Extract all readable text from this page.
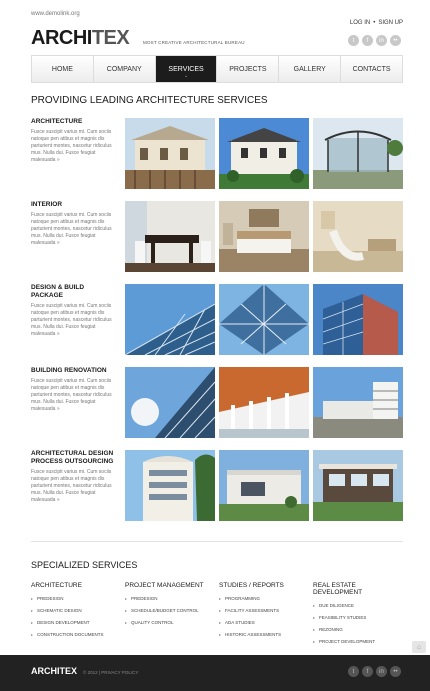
www.demolink.org
ARCHITEX	MOST CREATIVE ARCHITECTURAL BUREAU
LOG IN • SIGN UP
t	f	in	••
HOME	COMPANY	SERVICES
⌄
PROJECTS	GALLERY	CONTACTS
PROVIDING LEADING ARCHITECTURE SERVICES
ARCHITECTURE

Fusce suscipit varius mi. Cum sociis natoque pen atibus et magnis dis parturient montes, nascetur ridiculus mus. Nulla dui. Fusce feugiat malesuada »

INTERIOR

Fusce suscipit varius mi. Cum sociis natoque pen atibus et magnis dis parturient montes, nascetur ridiculus mus. Nulla dui. Fusce feugiat malesuada »

DESIGN & BUILD PACKAGE

Fusce suscipit varius mi. Cum sociis natoque pen atibus et magnis dis parturient montes, nascetur ridiculus mus. Nulla dui. Fusce feugiat malesuada »

BUILDING RENOVATION

Fusce suscipit varius mi. Cum sociis natoque pen atibus et magnis dis parturient montes, nascetur ridiculus mus. Nulla dui. Fusce feugiat malesuada »

ARCHITECTURAL DESIGN PROCESS OUTSOURCING

Fusce suscipit varius mi. Cum sociis natoque pen atibus et magnis dis parturient montes, nascetur ridiculus mus. Nulla dui. Fusce feugiat malesuada »

SPECIALIZED SERVICES
ARCHITECTURE
▸ PREDESIGN
▸ SCHEMATIC DESIGN
▸ DESIGN DEVELOPMENT
▸ CONSTRUCTION DOCUMENTS
PROJECT MANAGEMENT
▸ PREDESIGN
▸ SCHEDULE/BUDGET CONTROL
▸ QUALITY CONTROL
STUDIES / REPORTS
▸ PROGRAMMING
▸ FACILITY ASSESSMENTS
▸ ADA STUDIES
▸ HISTORIC ASSESSMENTS
REAL ESTATE DEVELOPMENT
▸ DUE DILIGENCE
▸ FEASIBILITY STUDIES
▸ REZONING
▸ PROJECT DEVELOPMENT
⌂
ARCHITEX © 2012 | PRIVACY POLICY	t	f	in	••
